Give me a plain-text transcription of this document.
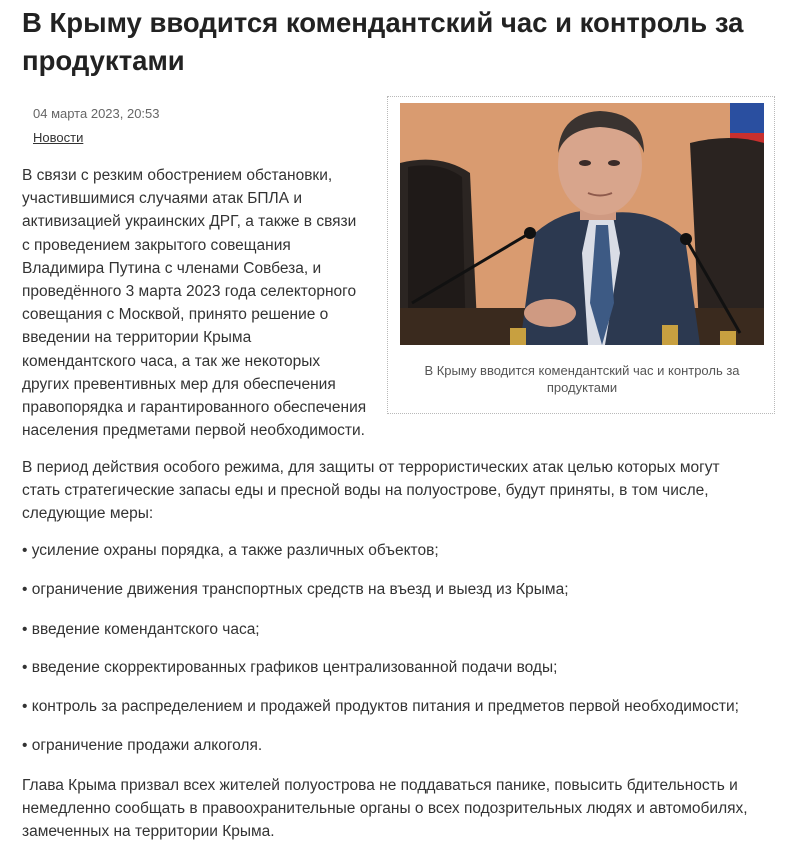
В Крыму вводится комендантский час и контроль за продуктами
04 марта 2023, 20:53
Новости

В связи с резким обострением обстановки, участившимися случаями атак БПЛА и активизацией украинских ДРГ, а также в связи с проведением закрытого совещания Владимира Путина с членами Совбеза, и проведённого 3 марта 2023 года селекторного совещания с Москвой, принято решение о введении на территории Крыма комендантского часа, а так же некоторых других превентивных мер для обеспечения правопорядка и гарантированного обеспечения населения предметами первой необходимости.

В Крыму вводится комендантский час и контроль за продуктами

В период действия особого режима, для защиты от террористических атак целью которых могут стать стратегические запасы еды и пресной воды на полуострове, будут приняты, в том числе, следующие меры:

• усиление охраны порядка, а также различных объектов;
• ограничение движения транспортных средств на въезд и выезд из Крыма;
• введение комендантского часа;
• введение скорректированных графиков централизованной подачи воды;
• контроль за распределением и продажей продуктов питания и предметов первой необходимости;
• ограничение продажи алкоголя.

Глава Крыма призвал всех жителей полуострова не поддаваться панике, повысить бдительность и немедленно сообщать в правоохранительные органы о всех подозрительных людях и автомобилях, замеченных на территории Крыма.
